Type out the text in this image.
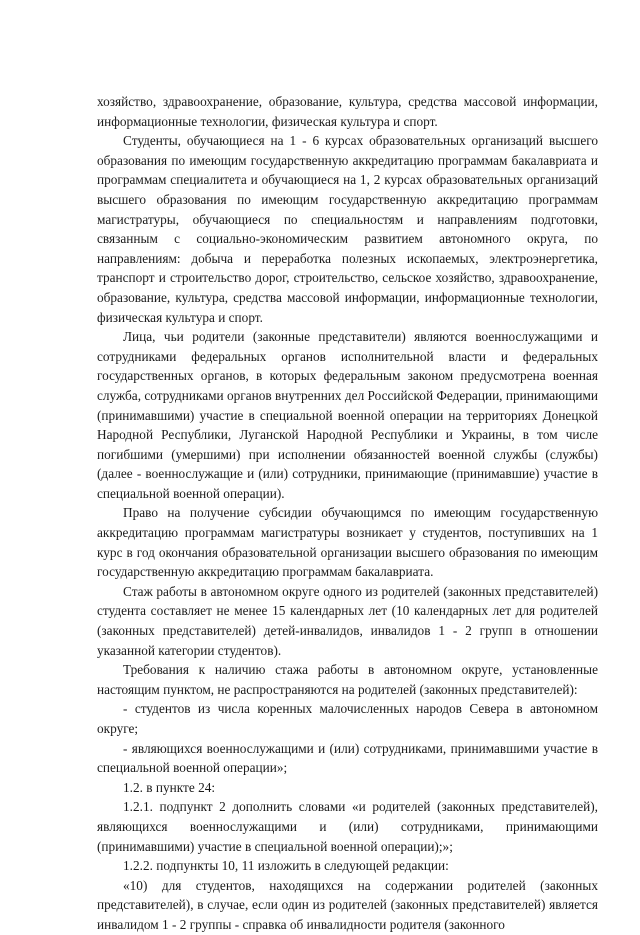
хозяйство, здравоохранение, образование, культура, средства массовой информации, информационные технологии, физическая культура и спорт.

Студенты, обучающиеся на 1 - 6 курсах образовательных организаций высшего образования по имеющим государственную аккредитацию программам бакалавриата и программам специалитета и обучающиеся на 1, 2 курсах образовательных организаций высшего образования по имеющим государственную аккредитацию программам магистратуры, обучающиеся по специальностям и направлениям подготовки, связанным с социально-экономическим развитием автономного округа, по направлениям: добыча и переработка полезных ископаемых, электроэнергетика, транспорт и строительство дорог, строительство, сельское хозяйство, здравоохранение, образование, культура, средства массовой информации, информационные технологии, физическая культура и спорт.

Лица, чьи родители (законные представители) являются военнослужащими и сотрудниками федеральных органов исполнительной власти и федеральных государственных органов, в которых федеральным законом предусмотрена военная служба, сотрудниками органов внутренних дел Российской Федерации, принимающими (принимавшими) участие в специальной военной операции на территориях Донецкой Народной Республики, Луганской Народной Республики и Украины, в том числе погибшими (умершими) при исполнении обязанностей военной службы (службы) (далее - военнослужащие и (или) сотрудники, принимающие (принимавшие) участие в специальной военной операции).

Право на получение субсидии обучающимся по имеющим государственную аккредитацию программам магистратуры возникает у студентов, поступивших на 1 курс в год окончания образовательной организации высшего образования по имеющим государственную аккредитацию программам бакалавриата.

Стаж работы в автономном округе одного из родителей (законных представителей) студента составляет не менее 15 календарных лет (10 календарных лет для родителей (законных представителей) детей-инвалидов, инвалидов 1 - 2 групп в отношении указанной категории студентов).

Требования к наличию стажа работы в автономном округе, установленные настоящим пунктом, не распространяются на родителей (законных представителей):

- студентов из числа коренных малочисленных народов Севера в автономном округе;

- являющихся военнослужащими и (или) сотрудниками, принимавшими участие в специальной военной операции»;

1.2. в пункте 24:

1.2.1. подпункт 2 дополнить словами «и родителей (законных представителей), являющихся военнослужащими и (или) сотрудниками, принимающими (принимавшими) участие в специальной военной операции);»;

1.2.2. подпункты 10, 11 изложить в следующей редакции:

«10) для студентов, находящихся на содержании родителей (законных представителей), в случае, если один из родителей (законных представителей) является инвалидом 1 - 2 группы - справка об инвалидности родителя (законного
